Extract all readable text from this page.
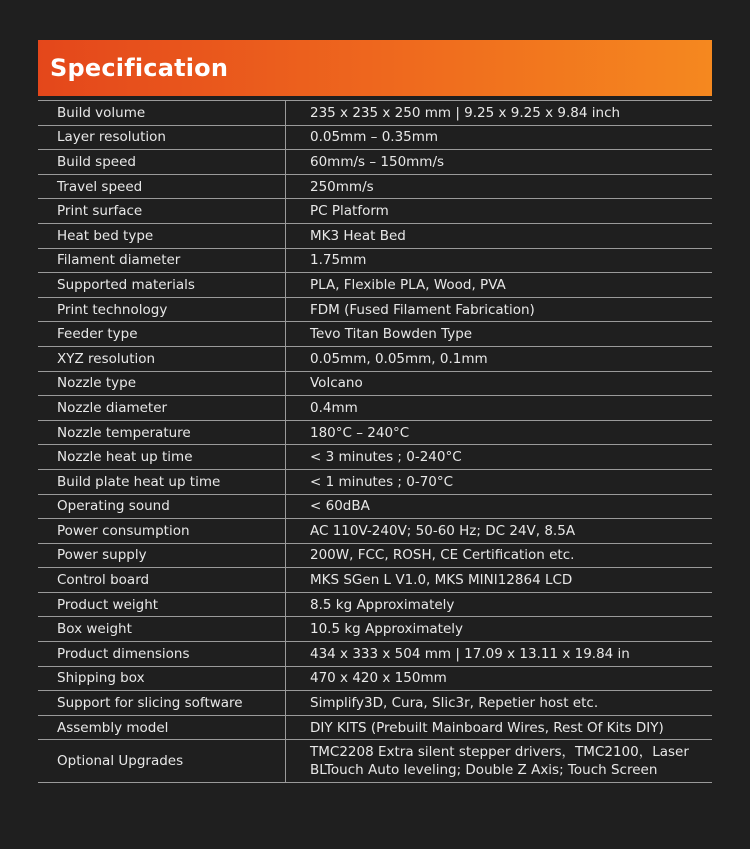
Specification
Build volume	235 x 235 x 250 mm | 9.25 x 9.25 x 9.84 inch
Layer resolution	0.05mm – 0.35mm
Build speed	60mm/s – 150mm/s
Travel speed	250mm/s
Print surface	PC Platform
Heat bed type	MK3 Heat Bed
Filament diameter	1.75mm
Supported materials	PLA, Flexible PLA, Wood, PVA
Print technology	FDM (Fused Filament Fabrication)
Feeder type	Tevo Titan Bowden Type
XYZ resolution	0.05mm, 0.05mm, 0.1mm
Nozzle type	Volcano
Nozzle diameter	0.4mm
Nozzle temperature	180°C – 240°C
Nozzle heat up time	< 3 minutes ; 0-240°C
Build plate heat up time	< 1 minutes ; 0-70°C
Operating sound	< 60dBA
Power consumption	AC 110V-240V; 50-60 Hz; DC 24V, 8.5A
Power supply	200W, FCC, ROSH, CE Certification etc.
Control board	MKS SGen L V1.0, MKS MINI12864 LCD
Product weight	8.5 kg Approximately
Box weight	10.5 kg Approximately
Product dimensions	434 x 333 x 504 mm | 17.09 x 13.11 x 19.84 in
Shipping box	470 x 420 x 150mm
Support for slicing software	Simplify3D, Cura, Slic3r, Repetier host etc.
Assembly model	DIY KITS (Prebuilt Mainboard Wires, Rest Of Kits DIY)
Optional Upgrades	TMC2208 Extra silent stepper drivers，TMC2100，Laser
BLTouch Auto leveling; Double Z Axis; Touch Screen
